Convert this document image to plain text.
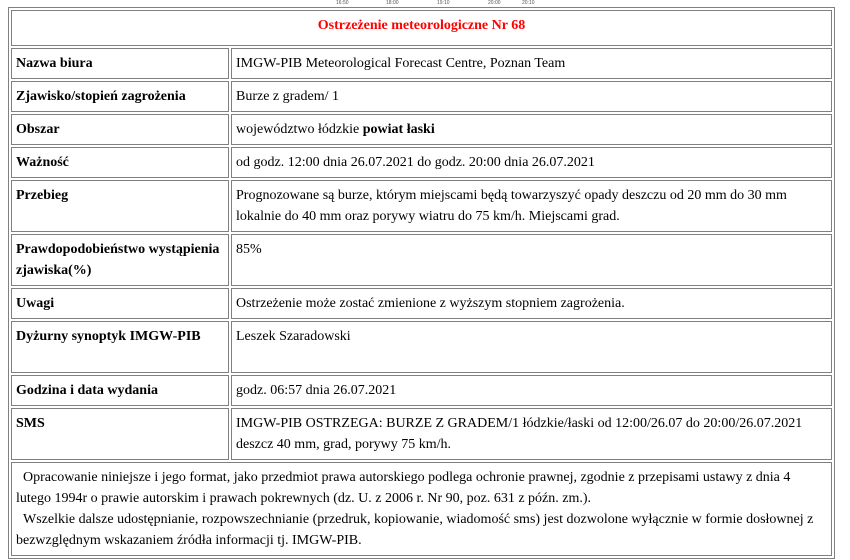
16:50	18:00	19:10	20:00	20:10
Ostrzeżenie meteorologiczne Nr 68	
Nazwa biura	IMGW-PIB Meteorological Forecast Centre, Poznan Team
Zjawisko/stopień zagrożenia	Burze z gradem/ 1
Obszar	województwo łódzkie powiat łaski
Ważność	od godz. 12:00 dnia 26.07.2021 do godz. 20:00 dnia 26.07.2021
Przebieg	Prognozowane są burze, którym miejscami będą towarzyszyć opady deszczu od 20 mm do 30 mm lokalnie do 40 mm oraz porywy wiatru do 75 km/h. Miejscami grad.
Prawdopodobieństwo wystąpienia zjawiska(%)	85%
Uwagi	Ostrzeżenie może zostać zmienione z wyższym stopniem zagrożenia.
Dyżurny synoptyk IMGW-PIB	Leszek Szaradowski
Godzina i data wydania	godz. 06:57 dnia 26.07.2021
SMS	IMGW-PIB OSTRZEGA: BURZE Z GRADEM/1 łódzkie/łaski od 12:00/26.07 do 20:00/26.07.2021 deszcz 40 mm, grad, porywy 75 km/h.

Opracowanie niniejsze i jego format, jako przedmiot prawa autorskiego podlega ochronie prawnej, zgodnie z przepisami ustawy z dnia 4 lutego 1994r o prawie autorskim i prawach pokrewnych (dz. U. z 2006 r. Nr 90, poz. 631 z późn. zm.).
Wszelkie dalsze udostępnianie, rozpowszechnianie (przedruk, kopiowanie, wiadomość sms) jest dozwolone wyłącznie w formie dosłownej z bezwzględnym wskazaniem źródła informacji tj. IMGW-PIB.	
